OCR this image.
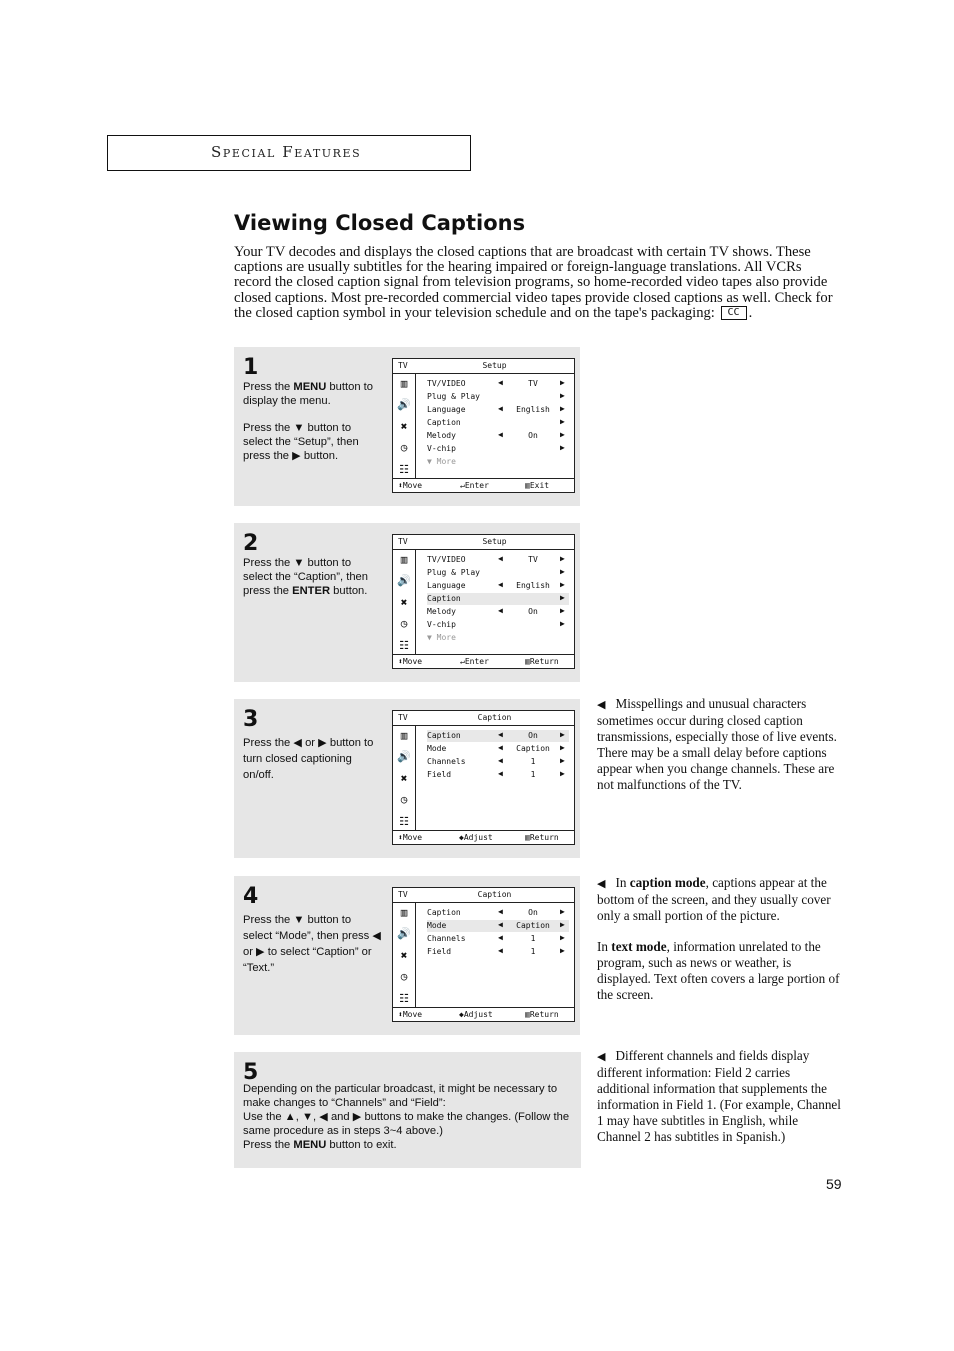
Special Features
Viewing Closed Captions

Your TV decodes and displays the closed captions that are broadcast with certain TV shows. These captions are usually subtitles for the hearing impaired or foreign-language translations. All VCRs record the closed caption signal from television programs, so home-recorded video tapes also provide closed captions. Most pre-recorded commercial video tapes provide closed captions as well. Check for the closed caption symbol in your television schedule and on the tape's packaging: CC .

1

Press the MENU button to display the menu.

Press the ▼ button to select the “Setup”, then press the ▶ button.

TV	Setup
▥
🔊
✖
◷
☷
TV/VIDEO	◀	TV	▶
Plug & Play	▶
Language	◀	English	▶
Caption	▶
Melody	◀	On	▶
V-chip	▶
▼ More
⬍Move	↵Enter	▥Exit
2

Press the ▼ button to select the “Caption”, then press the ENTER button.

TV	Setup
▥
🔊
✖
◷
☷
TV/VIDEO	◀	TV	▶
Plug & Play	▶
Language	◀	English	▶
Caption	▶
Melody	◀	On	▶
V-chip	▶
▼ More
⬍Move	↵Enter	▥Return
3

Press the ◀ or ▶ button to turn closed captioning on/off.

TV	Caption
▥
🔊
✖
◷
☷
Caption	◀	On	▶
Mode	◀	Caption	▶
Channels	◀	1	▶
Field	◀	1	▶
⬍Move	◆Adjust	▥Return
4

Press the ▼ button to select “Mode”, then press ◀ or ▶ to select “Caption” or “Text.”

TV	Caption
▥
🔊
✖
◷
☷
Caption	◀	On	▶
Mode	◀	Caption	▶
Channels	◀	1	▶
Field	◀	1	▶
⬍Move	◆Adjust	▥Return
5
Depending on the particular broadcast, it might be necessary to make changes to “Channels” and “Field”:
Use the ▲, ▼, ◀ and ▶ buttons to make the changes. (Follow the same procedure as in steps 3~4 above.)
Press the MENU button to exit.

◀ Misspellings and unusual characters sometimes occur during closed caption transmissions, especially those of live events. There may be a small delay before captions appear when you change channels. These are not malfunctions of the TV.

◀ In caption mode, captions appear at the bottom of the screen, and they usually cover only a small portion of the picture.

In text mode, information unrelated to the program, such as news or weather, is displayed. Text often covers a large portion of the screen.

◀ Different channels and fields display different information: Field 2 carries additional information that supplements the information in Field 1. (For example, Channel 1 may have subtitles in English, while Channel 2 has subtitles in Spanish.)

59
